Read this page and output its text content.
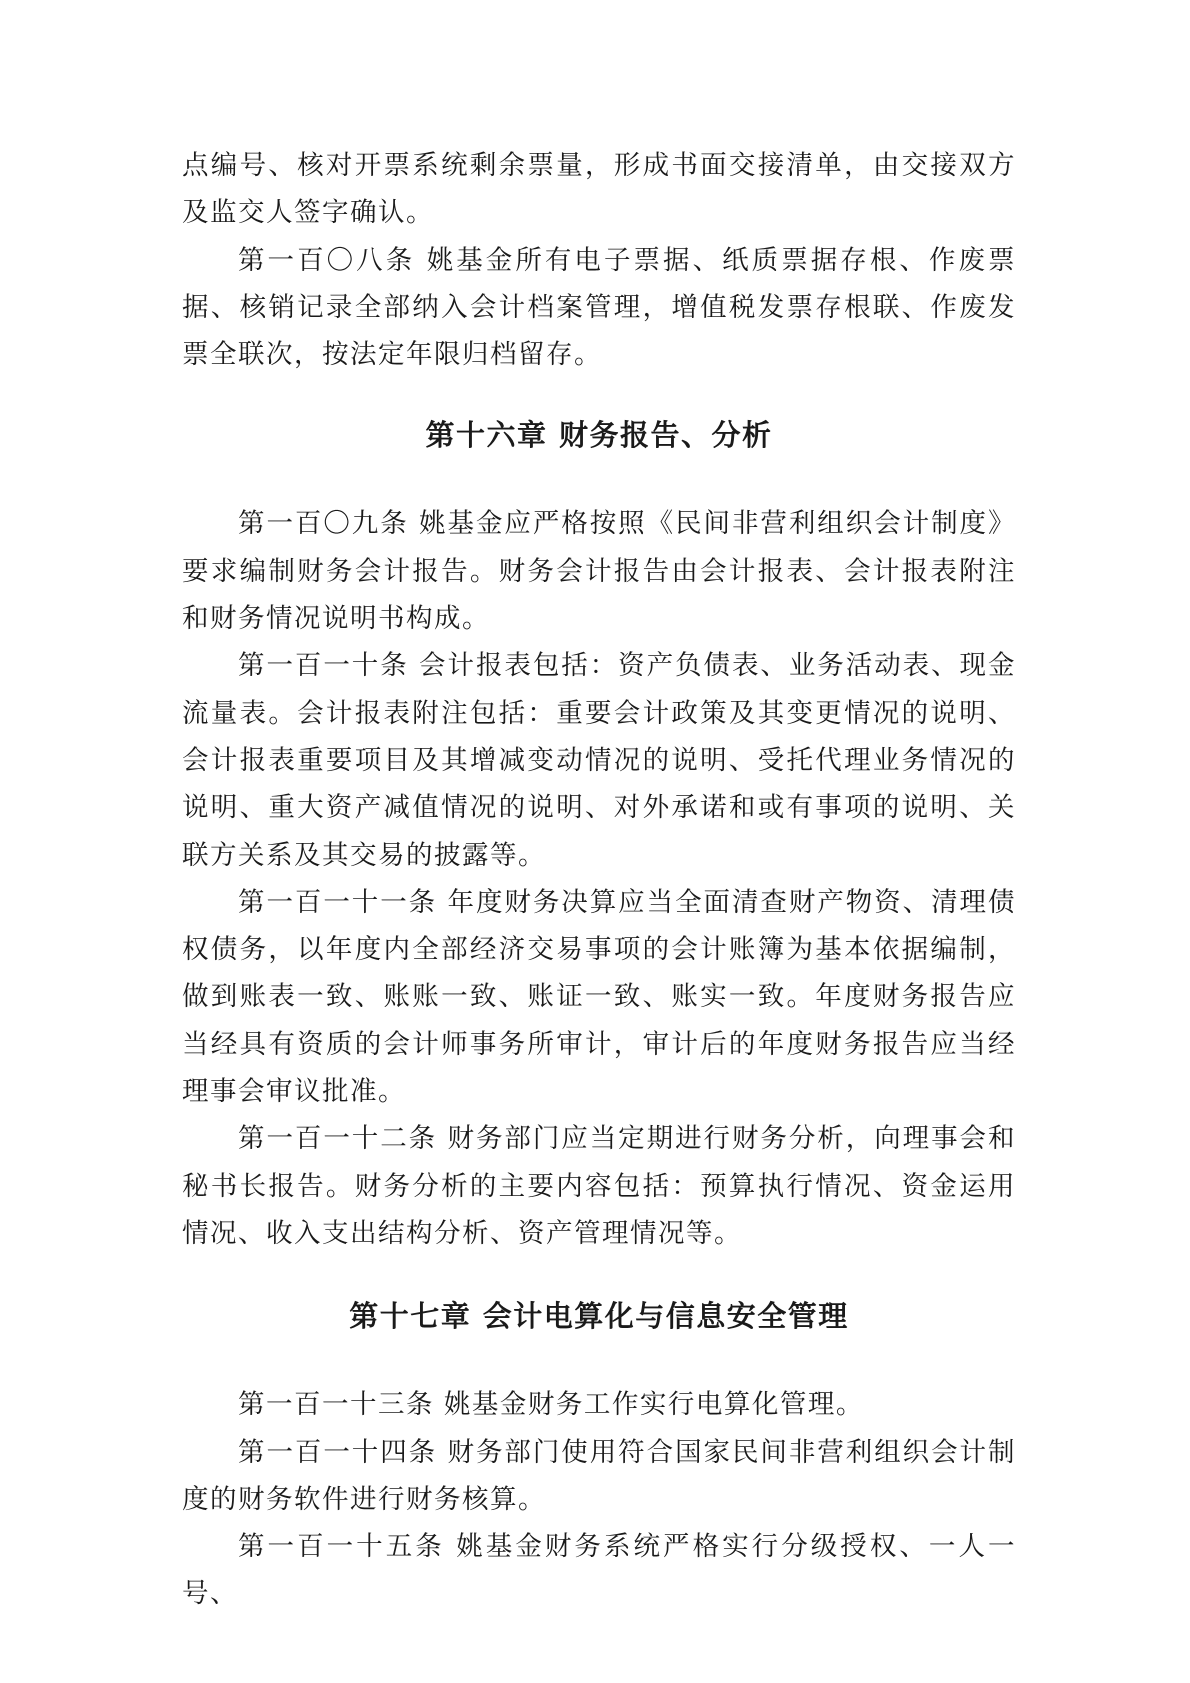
点编号、核对开票系统剩余票量，形成书面交接清单，由交接双方及监交人签字确认。

第一百〇八条 姚基金所有电子票据、纸质票据存根、作废票据、核销记录全部纳入会计档案管理，增值税发票存根联、作废发票全联次，按法定年限归档留存。

第十六章 财务报告、分析

第一百〇九条 姚基金应严格按照《民间非营利组织会计制度》要求编制财务会计报告。财务会计报告由会计报表、会计报表附注和财务情况说明书构成。

第一百一十条 会计报表包括：资产负债表、业务活动表、现金流量表。会计报表附注包括：重要会计政策及其变更情况的说明、会计报表重要项目及其增减变动情况的说明、受托代理业务情况的说明、重大资产减值情况的说明、对外承诺和或有事项的说明、关联方关系及其交易的披露等。

第一百一十一条 年度财务决算应当全面清查财产物资、清理债权债务，以年度内全部经济交易事项的会计账簿为基本依据编制，做到账表一致、账账一致、账证一致、账实一致。年度财务报告应当经具有资质的会计师事务所审计，审计后的年度财务报告应当经理事会审议批准。

第一百一十二条 财务部门应当定期进行财务分析，向理事会和秘书长报告。财务分析的主要内容包括：预算执行情况、资金运用情况、收入支出结构分析、资产管理情况等。

第十七章 会计电算化与信息安全管理

第一百一十三条 姚基金财务工作实行电算化管理。

第一百一十四条 财务部门使用符合国家民间非营利组织会计制度的财务软件进行财务核算。

第一百一十五条 姚基金财务系统严格实行分级授权、一人一号、
